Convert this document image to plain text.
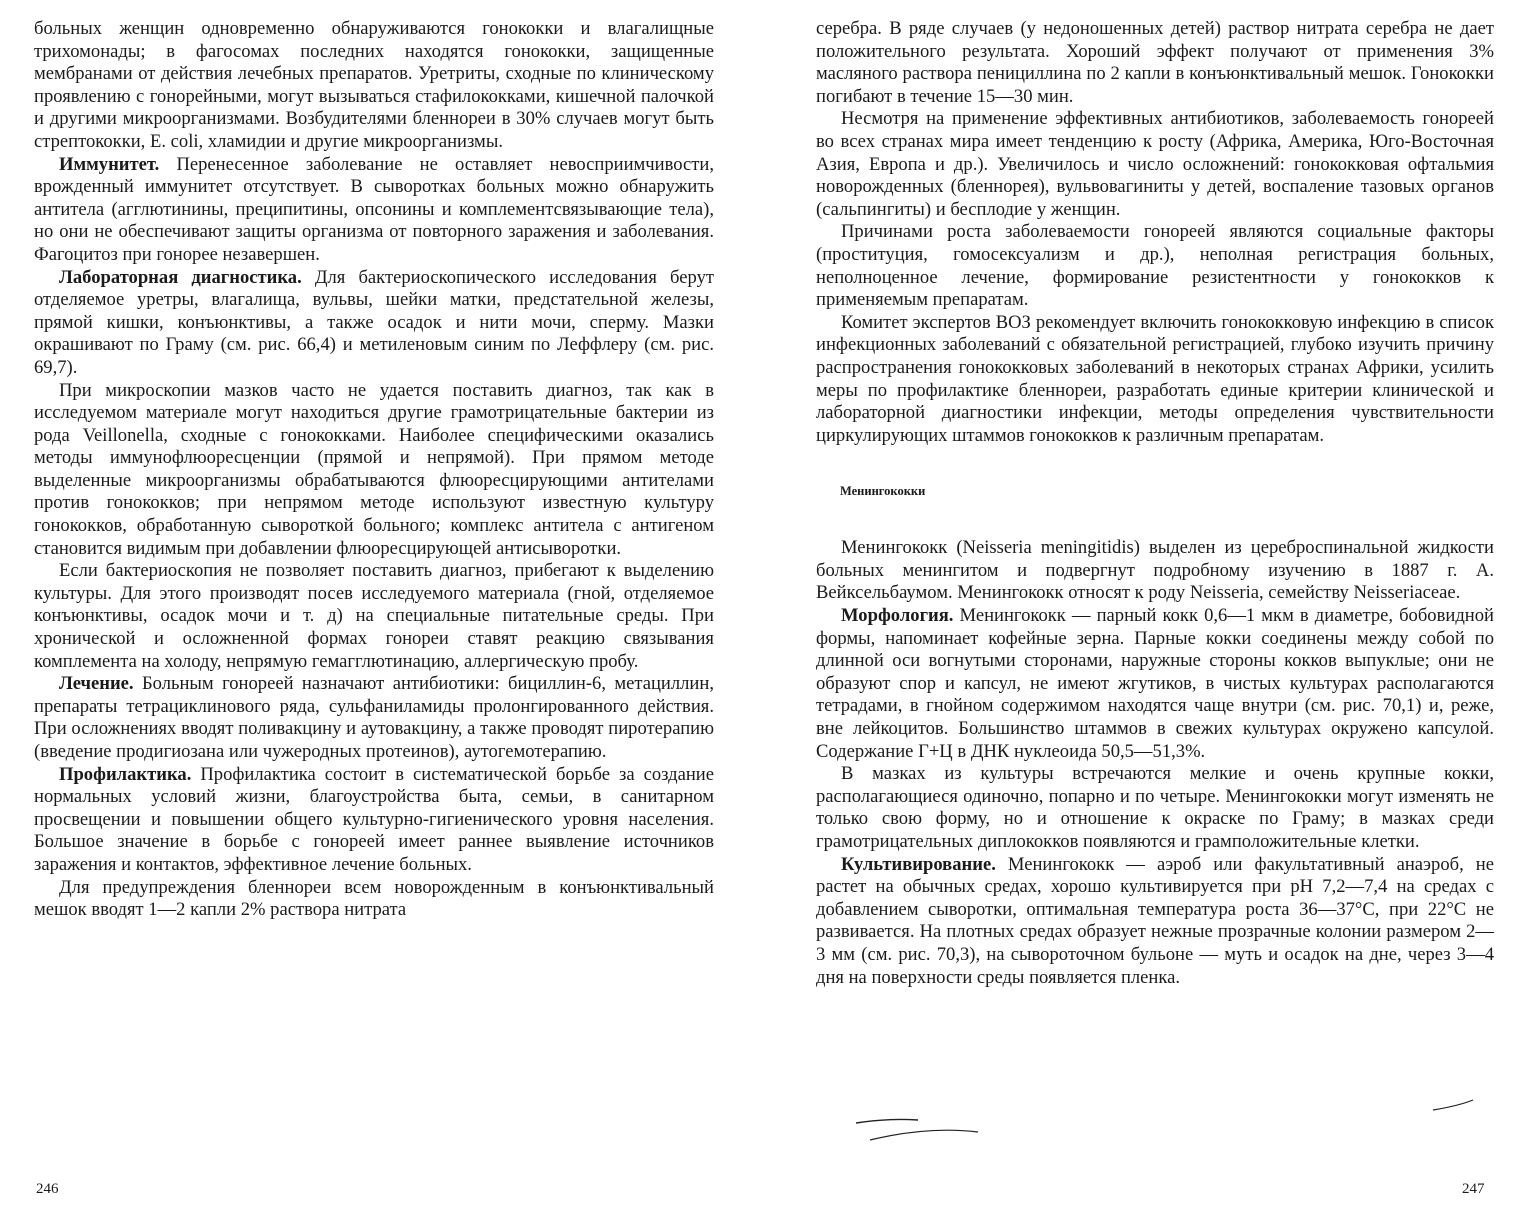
больных женщин одновременно обнаруживаются гонококки и влагалищные трихомонады; в фагосомах последних находятся гонококки, защищенные мембранами от действия лечебных препаратов. Уретриты, сходные по клиническому проявлению с гонорейными, могут вызываться стафилококками, кишечной палочкой и другими микроорганизмами. Возбудителями бленнореи в 30% случаев могут быть стрептококки, E. coli, хламидии и другие микроорганизмы.

Иммунитет. Перенесенное заболевание не оставляет невосприимчивости, врожденный иммунитет отсутствует. В сыворотках больных можно обнаружить антитела (агглютинины, преципитины, опсонины и комплементсвязывающие тела), но они не обеспечивают защиты организма от повторного заражения и заболевания. Фагоцитоз при гонорее незавершен.

Лабораторная диагностика. Для бактериоскопического исследования берут отделяемое уретры, влагалища, вульвы, шейки матки, предстательной железы, прямой кишки, конъюнктивы, а также осадок и нити мочи, сперму. Мазки окрашивают по Граму (см. рис. 66,4) и метиленовым синим по Леффлеру (см. рис. 69,7).

При микроскопии мазков часто не удается поставить диагноз, так как в исследуемом материале могут находиться другие грамотрицательные бактерии из рода Veillonella, сходные с гонококками. Наиболее специфическими оказались методы иммунофлюоресценции (прямой и непрямой). При прямом методе выделенные микроорганизмы обрабатываются флюоресцирующими антителами против гонококков; при непрямом методе используют известную культуру гонококков, обработанную сывороткой больного; комплекс антитела с антигеном становится видимым при добавлении флюоресцирующей антисыворотки.

Если бактериоскопия не позволяет поставить диагноз, прибегают к выделению культуры. Для этого производят посев исследуемого материала (гной, отделяемое конъюнктивы, осадок мочи и т. д) на специальные питательные среды. При хронической и осложненной формах гонореи ставят реакцию связывания комплемента на холоду, непрямую гемагглютинацию, аллергическую пробу.

Лечение. Больным гонореей назначают антибиотики: бициллин-6, метациллин, препараты тетрациклинового ряда, сульфаниламиды пролонгированного действия. При осложнениях вводят поливакцину и аутовакцину, а также проводят пиротерапию (введение продигиозана или чужеродных протеинов), аутогемотерапию.

Профилактика. Профилактика состоит в систематической борьбе за создание нормальных условий жизни, благоустройства быта, семьи, в санитарном просвещении и повышении общего культурно-гигиенического уровня населения. Большое значение в борьбе с гонореей имеет раннее выявление источников заражения и контактов, эффективное лечение больных.

Для предупреждения бленнореи всем новорожденным в конъюнктивальный мешок вводят 1—2 капли 2% раствора нитрата

246

серебра. В ряде случаев (у недоношенных детей) раствор нитрата серебра не дает положительного результата. Хороший эффект получают от применения 3% масляного раствора пенициллина по 2 капли в конъюнктивальный мешок. Гонококки погибают в течение 15—30 мин.

Несмотря на применение эффективных антибиотиков, заболеваемость гонореей во всех странах мира имеет тенденцию к росту (Африка, Америка, Юго-Восточная Азия, Европа и др.). Увеличилось и число осложнений: гонококковая офтальмия новорожденных (бленнорея), вульвовагиниты у детей, воспаление тазовых органов (сальпингиты) и бесплодие у женщин.

Причинами роста заболеваемости гонореей являются социальные факторы (проституция, гомосексуализм и др.), неполная регистрация больных, неполноценное лечение, формирование резистентности у гонококков к применяемым препаратам.

Комитет экспертов ВОЗ рекомендует включить гонококковую инфекцию в список инфекционных заболеваний с обязательной регистрацией, глубоко изучить причину распространения гонококковых заболеваний в некоторых странах Африки, усилить меры по профилактике бленнореи, разработать единые критерии клинической и лабораторной диагностики инфекции, методы определения чувствительности циркулирующих штаммов гонококков к различным препаратам.

Менингококки

Менингококк (Neisseria meningitidis) выделен из цереброспинальной жидкости больных менингитом и подвергнут подробному изучению в 1887 г. А. Вейксельбаумом. Менингококк относят к роду Neisseria, семейству Neisseriaceae.

Морфология. Менингококк — парный кокк 0,6—1 мкм в диаметре, бобовидной формы, напоминает кофейные зерна. Парные кокки соединены между собой по длинной оси вогнутыми сторонами, наружные стороны кокков выпуклые; они не образуют спор и капсул, не имеют жгутиков, в чистых культурах располагаются тетрадами, в гнойном содержимом находятся чаще внутри (см. рис. 70,1) и, реже, вне лейкоцитов. Большинство штаммов в свежих культурах окружено капсулой. Содержание Г+Ц в ДНК нуклеоида 50,5—51,3%.

В мазках из культуры встречаются мелкие и очень крупные кокки, располагающиеся одиночно, попарно и по четыре. Менингококки могут изменять не только свою форму, но и отношение к окраске по Граму; в мазках среди грамотрицательных диплококков появляются и грамположительные клетки.

Культивирование. Менингококк — аэроб или факультативный анаэроб, не растет на обычных средах, хорошо культивируется при рН 7,2—7,4 на средах с добавлением сыворотки, оптимальная температура роста 36—37°C, при 22°C не развивается. На плотных средах образует нежные прозрачные колонии размером 2—3 мм (см. рис. 70,3), на сывороточном бульоне — муть и осадок на дне, через 3—4 дня на поверхности среды появляется пленка.

247
